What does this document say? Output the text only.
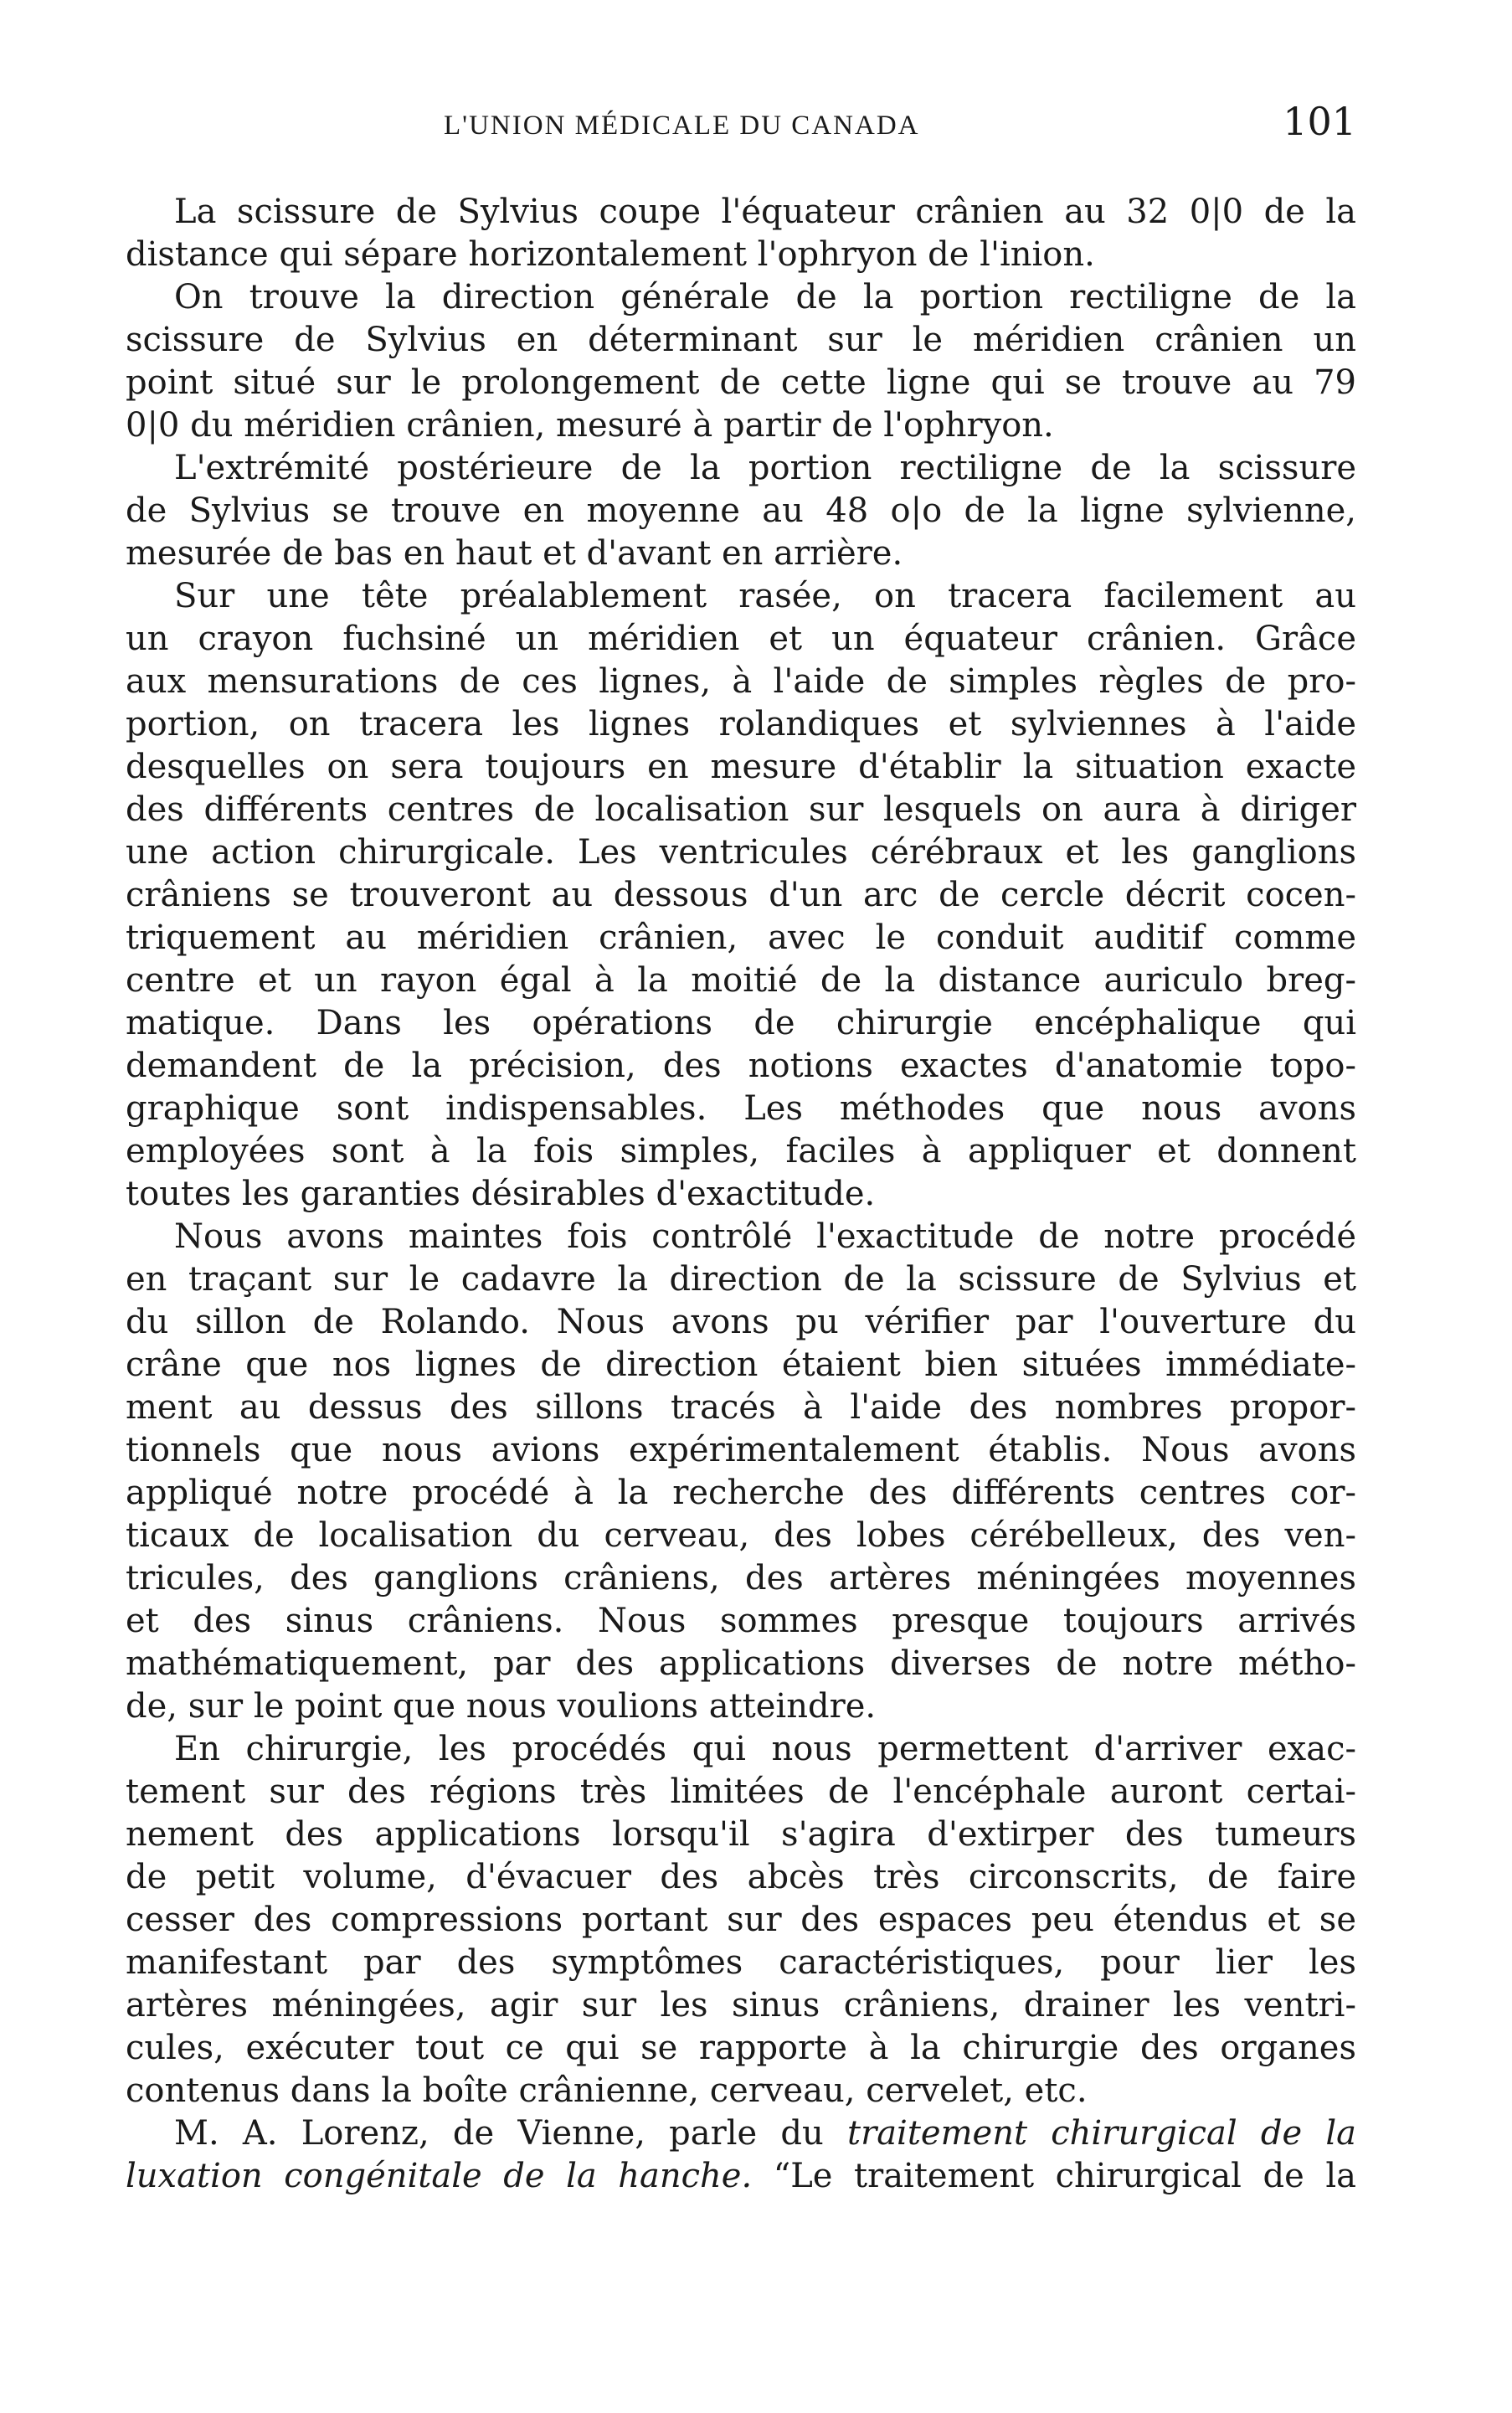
L'UNION MÉDICALE DU CANADA	101
La scissure de Sylvius coupe l'équateur crânien au 32 0|0 de la
distance qui sépare horizontalement l'ophryon de l'inion.
On trouve la direction générale de la portion rectiligne de la
scissure de Sylvius en déterminant sur le méridien crânien un
point situé sur le prolongement de cette ligne qui se trouve au 79
0|0 du méridien crânien, mesuré à partir de l'ophryon.
L'extrémité postérieure de la portion rectiligne de la scissure
de Sylvius se trouve en moyenne au 48 o|o de la ligne sylvienne,
mesurée de bas en haut et d'avant en arrière.
Sur une tête préalablement rasée, on tracera facilement au
un crayon fuchsiné un méridien et un équateur crânien. Grâce
aux mensurations de ces lignes, à l'aide de simples règles de pro-
portion, on tracera les lignes rolandiques et sylviennes à l'aide
desquelles on sera toujours en mesure d'établir la situation exacte
des différents centres de localisation sur lesquels on aura à diriger
une action chirurgicale. Les ventricules cérébraux et les ganglions
crâniens se trouveront au dessous d'un arc de cercle décrit cocen-
triquement au méridien crânien, avec le conduit auditif comme
centre et un rayon égal à la moitié de la distance auriculo breg-
matique. Dans les opérations de chirurgie encéphalique qui
demandent de la précision, des notions exactes d'anatomie topo-
graphique sont indispensables. Les méthodes que nous avons
employées sont à la fois simples, faciles à appliquer et donnent
toutes les garanties désirables d'exactitude.
Nous avons maintes fois contrôlé l'exactitude de notre procédé
en traçant sur le cadavre la direction de la scissure de Sylvius et
du sillon de Rolando. Nous avons pu vérifier par l'ouverture du
crâne que nos lignes de direction étaient bien situées immédiate-
ment au dessus des sillons tracés à l'aide des nombres propor-
tionnels que nous avions expérimentalement établis. Nous avons
appliqué notre procédé à la recherche des différents centres cor-
ticaux de localisation du cerveau, des lobes cérébelleux, des ven-
tricules, des ganglions crâniens, des artères méningées moyennes
et des sinus crâniens. Nous sommes presque toujours arrivés
mathématiquement, par des applications diverses de notre métho-
de, sur le point que nous voulions atteindre.
En chirurgie, les procédés qui nous permettent d'arriver exac-
tement sur des régions très limitées de l'encéphale auront certai-
nement des applications lorsqu'il s'agira d'extirper des tumeurs
de petit volume, d'évacuer des abcès très circonscrits, de faire
cesser des compressions portant sur des espaces peu étendus et se
manifestant par des symptômes caractéristiques, pour lier les
artères méningées, agir sur les sinus crâniens, drainer les ventri-
cules, exécuter tout ce qui se rapporte à la chirurgie des organes
contenus dans la boîte crânienne, cerveau, cervelet, etc.
M. A. Lorenz, de Vienne, parle du traitement chirurgical de la
luxation congénitale de la hanche. “Le traitement chirurgical de la
